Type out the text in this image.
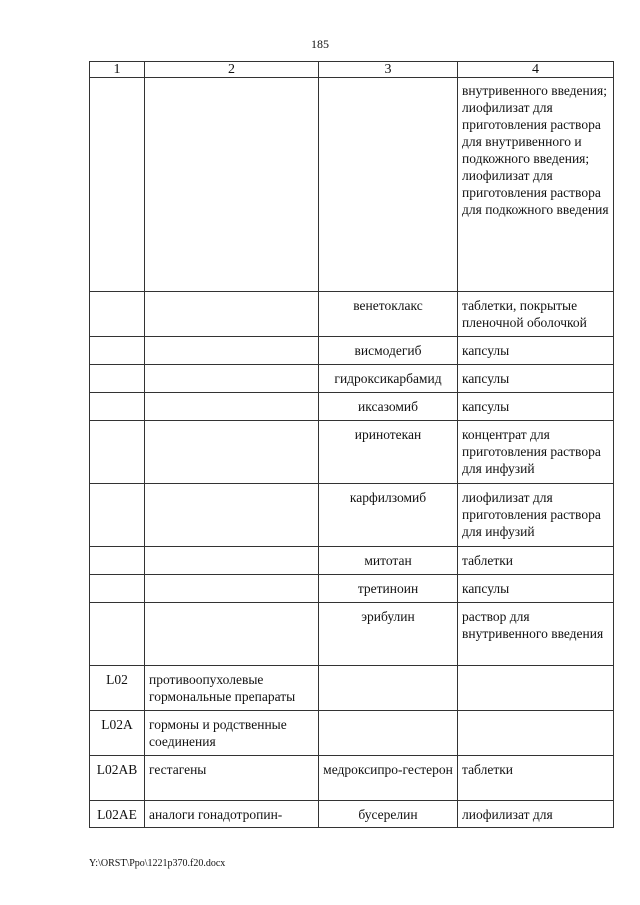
185
1	2	3	4
			внутривенного введения; лиофилизат для приготовления раствора для внутривенного и подкожного введения; лиофилизат для приготовления раствора для подкожного введения
		венетоклакс	таблетки, покрытые пленочной оболочкой
		висмодегиб	капсулы
		гидроксикарбамид	капсулы
		иксазомиб	капсулы
		иринотекан	концентрат для приготовления раствора для инфузий
		карфилзомиб	лиофилизат для приготовления раствора для инфузий
		митотан	таблетки
		третиноин	капсулы
		эрибулин	раствор для внутривенного введения
L02	противоопухолевые гормональные препараты		
L02A	гормоны и родственные соединения		
L02AB	гестагены	медроксипро-гестерон	таблетки
L02AE	аналоги гонадотропин-	бусерелин	лиофилизат для
Y:\ORST\Ppo\1221p370.f20.docx
